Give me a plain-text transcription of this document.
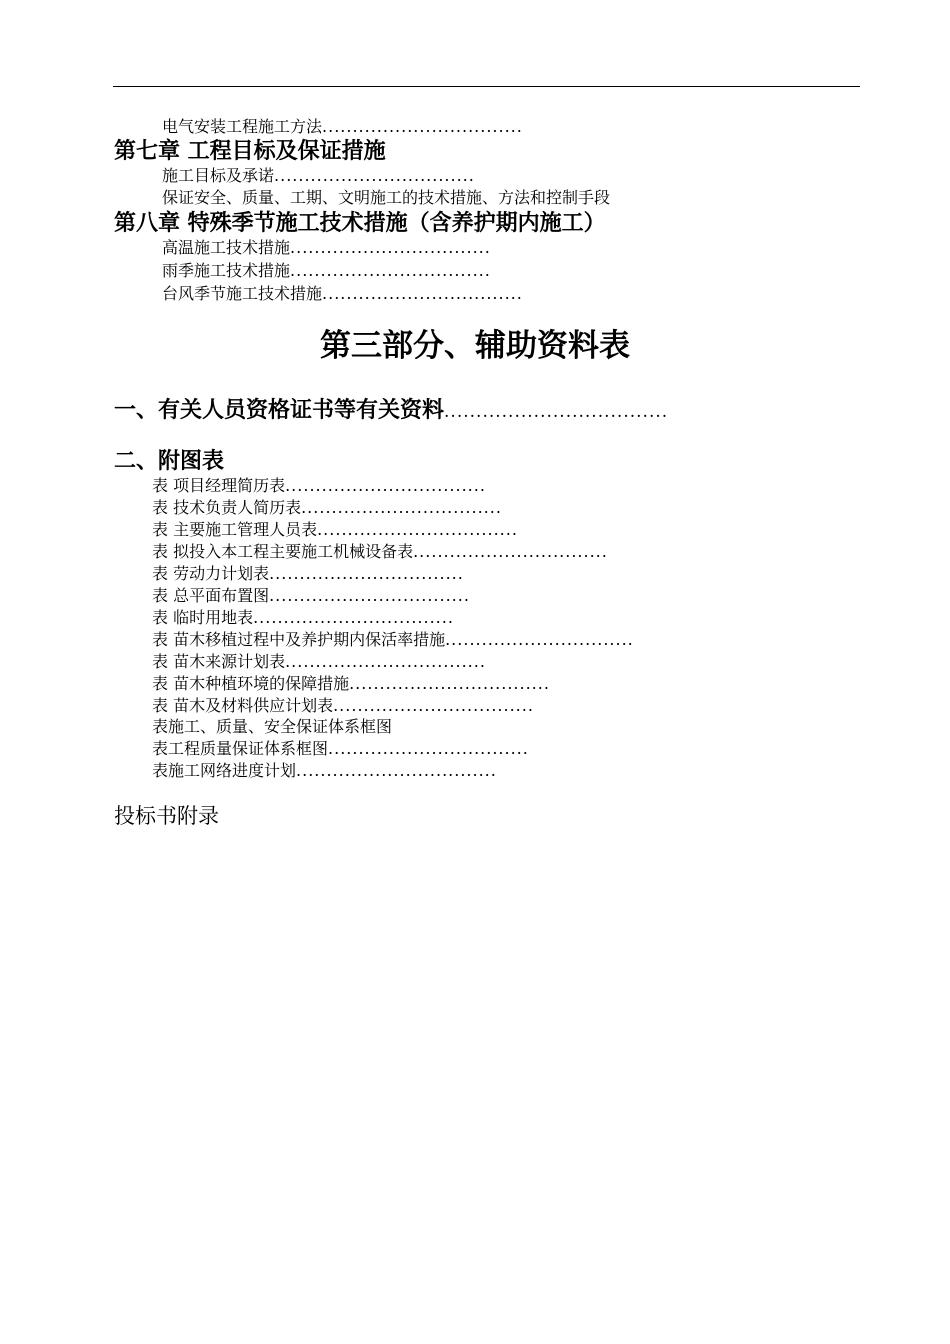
电气安装工程施工方法.................................
第七章 工程目标及保证措施
施工目标及承诺.................................
保证安全、质量、工期、文明施工的技术措施、方法和控制手段
第八章 特殊季节施工技术措施（含养护期内施工）
高温施工技术措施.................................
雨季施工技术措施.................................
台风季节施工技术措施.................................
第三部分、辅助资料表
一、有关人员资格证书等有关资料...................................
二、附图表
表 项目经理简历表.................................
表 技术负责人简历表.................................
表 主要施工管理人员表.................................
表 拟投入本工程主要施工机械设备表................................
表 劳动力计划表................................
表 总平面布置图.................................
表 临时用地表.................................
表 苗木移植过程中及养护期内保活率措施...............................
表 苗木来源计划表.................................
表 苗木种植环境的保障措施.................................
表 苗木及材料供应计划表.................................
表施工、质量、安全保证体系框图
表工程质量保证体系框图.................................
表施工网络进度计划.................................
投标书附录
